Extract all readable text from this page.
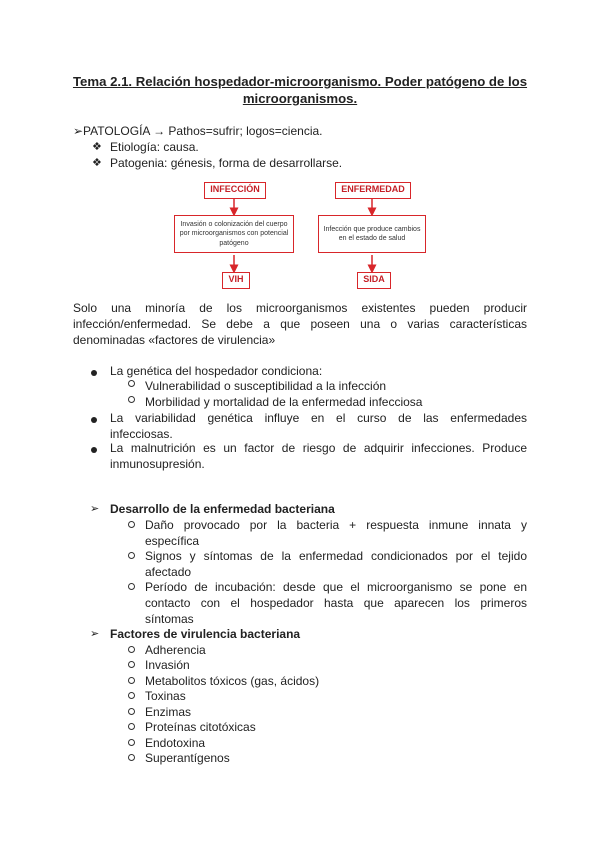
Tema 2.1. Relación hospedador-microorganismo. Poder patógeno de los
microorganismos.
➢PATOLOGÍA → Pathos=sufrir; logos=ciencia.
❖ Etiología: causa.
❖ Patogenia: génesis, forma de desarrollarse.
INFECCIÓN
Invasión o colonización del cuerpo por microorganismos con potencial patógeno
VIH
ENFERMEDAD
Infección que produce cambios en el estado de salud
SIDA
Solo una minoría de los microorganismos existentes pueden producir
infección/enfermedad. Se debe a que poseen una o varias características
denominadas «factores de virulencia»
La genética del hospedador condiciona:
Vulnerabilidad o susceptibilidad a la infección
Morbilidad y mortalidad de la enfermedad infecciosa
La variabilidad genética influye en el curso de las enfermedades
infecciosas.
La malnutrición es un factor de riesgo de adquirir infecciones. Produce
inmunosupresión.
➢ Desarrollo de la enfermedad bacteriana
Daño provocado por la bacteria + respuesta inmune innata y
específica
Signos y síntomas de la enfermedad condicionados por el tejido
afectado
Período de incubación: desde que el microorganismo se pone en
contacto con el hospedador hasta que aparecen los primeros
síntomas
➢ Factores de virulencia bacteriana
Adherencia
Invasión
Metabolitos tóxicos (gas, ácidos)
Toxinas
Enzimas
Proteínas citotóxicas
Endotoxina
Superantígenos
